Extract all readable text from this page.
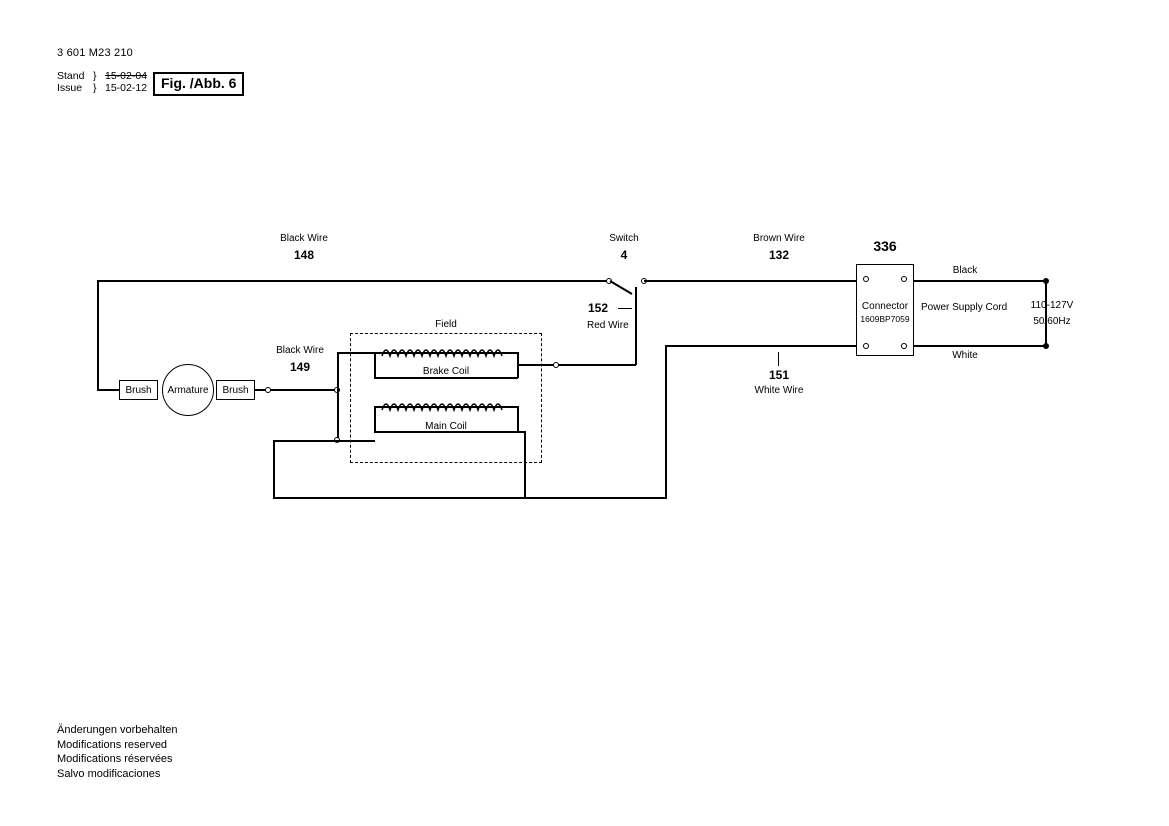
3 601 M23 210
Stand } 15-02-04
Issue } 15-02-12 Fig. /Abb. 6
Black Wire
148
Brush	Armature	Brush
Black Wire
149
Field
Brake Coil
Main Coil
Switch
4
152
Red Wire
Brown Wire
132
151
White Wire
Connector
1609BP7059
336
Black
White
Power Supply Cord	110-127V
50/60Hz
Änderungen vorbehalten
Modifications reserved
Modifications réservées
Salvo modificaciones
